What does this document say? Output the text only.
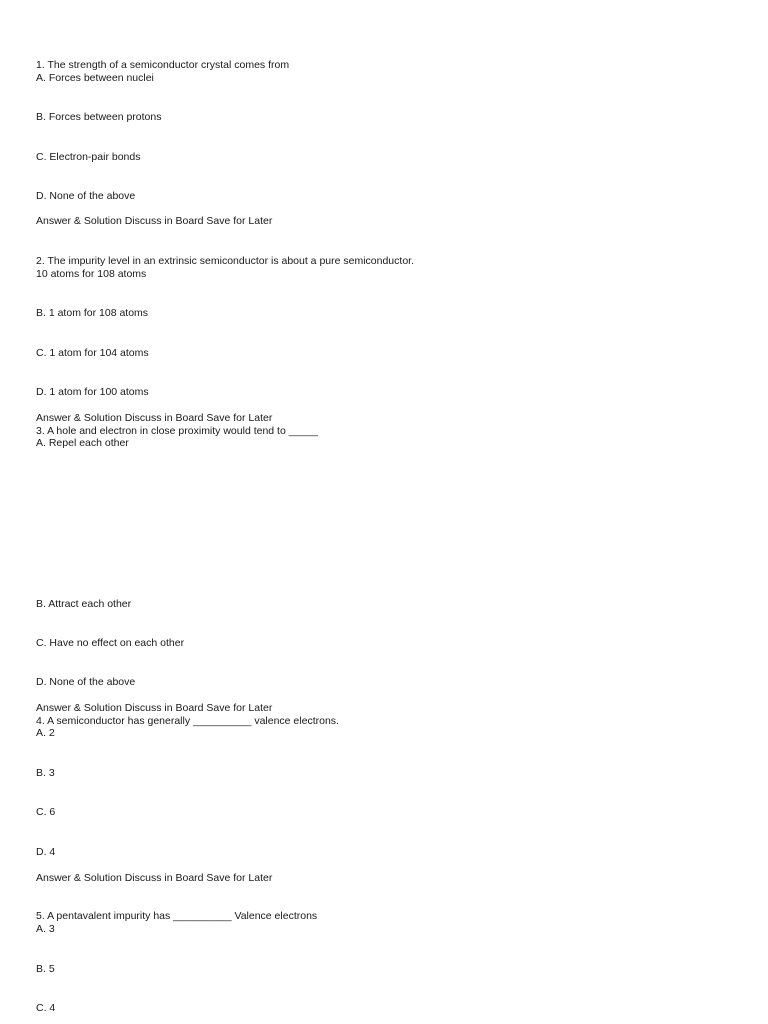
1. The strength of a semiconductor crystal comes from
A. Forces between nuclei
B. Forces between protons
C. Electron-pair bonds
D. None of the above
Answer & Solution Discuss in Board Save for Later
2. The impurity level in an extrinsic semiconductor is about a pure semiconductor.
10 atoms for 108 atoms
B. 1 atom for 108 atoms
C. 1 atom for 104 atoms
D. 1 atom for 100 atoms
Answer & Solution Discuss in Board Save for Later
3. A hole and electron in close proximity would tend to _____
A. Repel each other
B. Attract each other
C. Have no effect on each other
D. None of the above
Answer & Solution Discuss in Board Save for Later
4. A semiconductor has generally __________ valence electrons.
A. 2
B. 3
C. 6
D. 4
Answer & Solution Discuss in Board Save for Later
5. A pentavalent impurity has __________ Valence electrons
A. 3
B. 5
C. 4
